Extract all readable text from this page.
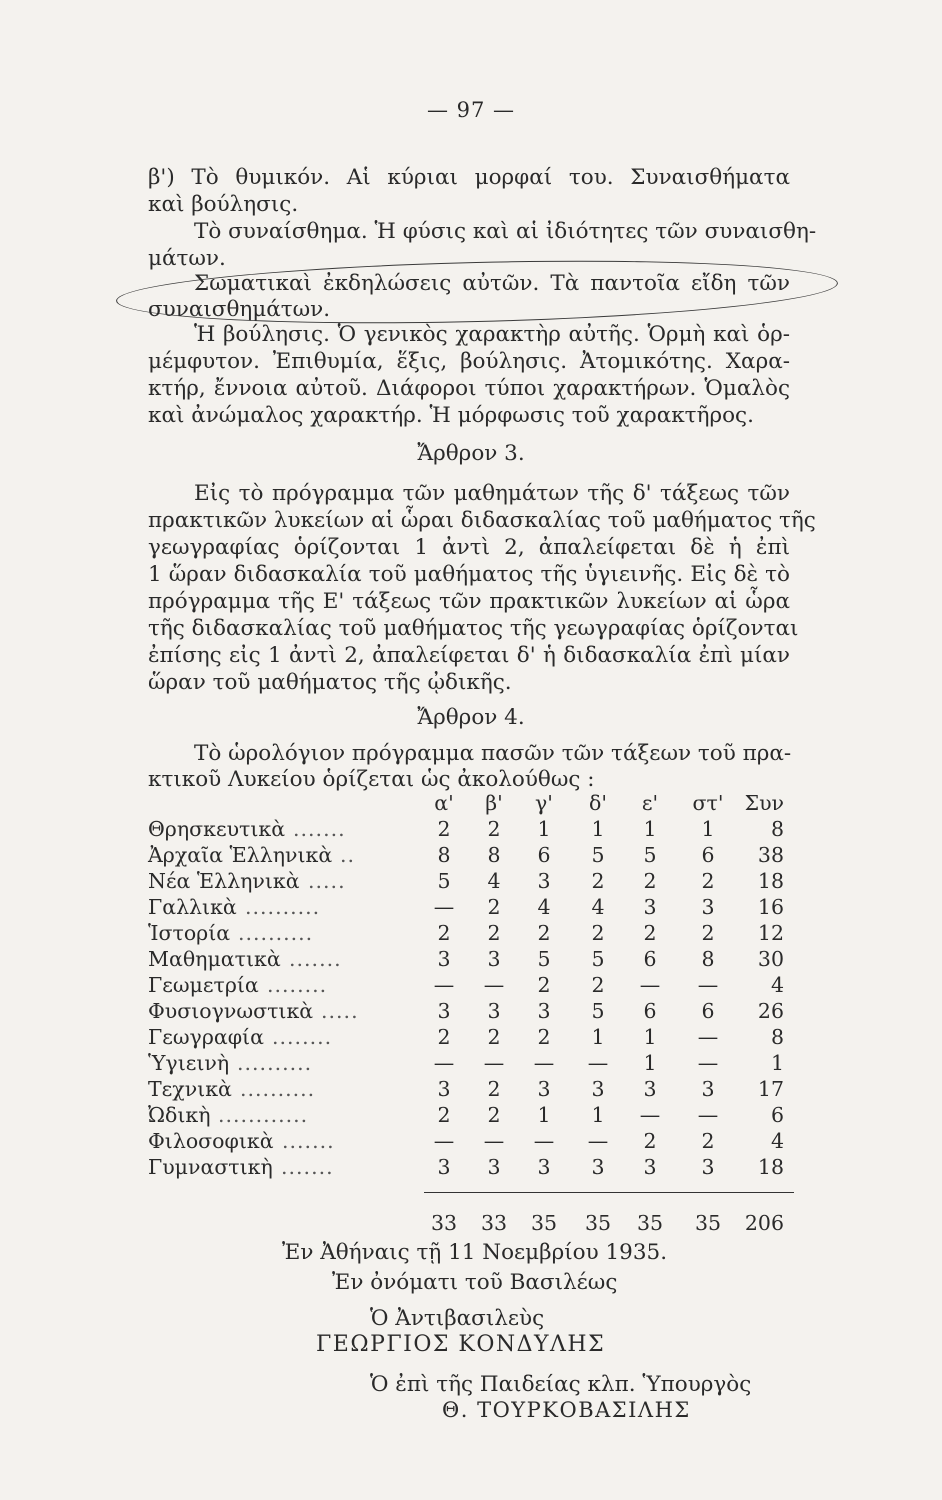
— 97 —
β') Τὸ θυμικόν. Αἱ κύριαι μορφαί του. Συναισθήματα
καὶ βούλησις.
Τὸ συναίσθημα. Ἡ φύσις καὶ αἱ ἰδιότητες τῶν συναισθη-
μάτων.
Σωματικαὶ ἐκδηλώσεις αὐτῶν. Τὰ παντοῖα εἴδη τῶν
συναισθημάτων.
Ἡ βούλησις. Ὁ γενικὸς χαρακτὴρ αὐτῆς. Ὁρμὴ καὶ ὁρ-
μέμφυτον. Ἐπιθυμία, ἕξις, βούλησις. Ἀτομικότης. Χαρα-
κτήρ, ἔννοια αὐτοῦ. Διάφοροι τύποι χαρακτήρων. Ὁμαλὸς
καὶ ἀνώμαλος χαρακτήρ. Ἡ μόρφωσις τοῦ χαρακτῆρος.
Ἄρθρον 3.
Εἰς τὸ πρόγραμμα τῶν μαθημάτων τῆς δ' τάξεως τῶν
πρακτικῶν λυκείων αἱ ὧραι διδασκαλίας τοῦ μαθήματος τῆς
γεωγραφίας ὁρίζονται 1 ἀντὶ 2, ἀπαλείφεται δὲ ἡ ἐπὶ
1 ὥραν διδασκαλία τοῦ μαθήματος τῆς ὑγιεινῆς. Εἰς δὲ τὸ
πρόγραμμα τῆς Ε' τάξεως τῶν πρακτικῶν λυκείων αἱ ὧρα
τῆς διδασκαλίας τοῦ μαθήματος τῆς γεωγραφίας ὁρίζονται
ἐπίσης εἰς 1 ἀντὶ 2, ἀπαλείφεται δ' ἡ διδασκαλία ἐπὶ μίαν
ὥραν τοῦ μαθήματος τῆς ᾠδικῆς.
Ἄρθρον 4.
Τὸ ὡρολόγιον πρόγραμμα πασῶν τῶν τάξεων τοῦ πρα-
κτικοῦ Λυκείου ὁρίζεται ὡς ἀκολούθως :
α'	β'	γ'	δ'	ε'	στ'	Συν
Θρησκευτικὰ .......	2	2	1	1	1	1	8
Ἀρχαῖα Ἑλληνικὰ ..	8	8	6	5	5	6	38
Νέα Ἑλληνικὰ .....	5	4	3	2	2	2	18
Γαλλικὰ ..........	—	2	4	4	3	3	16
Ἱστορία ..........	2	2	2	2	2	2	12
Μαθηματικὰ .......	3	3	5	5	6	8	30
Γεωμετρία ........	—	—	2	2	—	—	4
Φυσιογνωστικὰ .....	3	3	3	5	6	6	26
Γεωγραφία ........	2	2	2	1	1	—	8
Ὑγιεινὴ ..........	—	—	—	—	1	—	1
Τεχνικὰ ..........	3	2	3	3	3	3	17
Ὠδικὴ ............	2	2	1	1	—	—	6
Φιλοσοφικὰ .......	—	—	—	—	2	2	4
Γυμναστικὴ .......	3	3	3	3	3	3	18
33	33	35	35	35	35	206
Ἐν Ἀθήναις τῇ 11 Νοεμβρίου 1935.
Ἐν ὀνόματι τοῦ Βασιλέως
Ὁ Ἀντιβασιλεὺς
ΓΕΩΡΓΙΟΣ ΚΟΝΔΥΛΗΣ
Ὁ ἐπὶ τῆς Παιδείας κλπ. Ὑπουργὸς
Θ. ΤΟΥΡΚΟΒΑΣΙΛΗΣ
